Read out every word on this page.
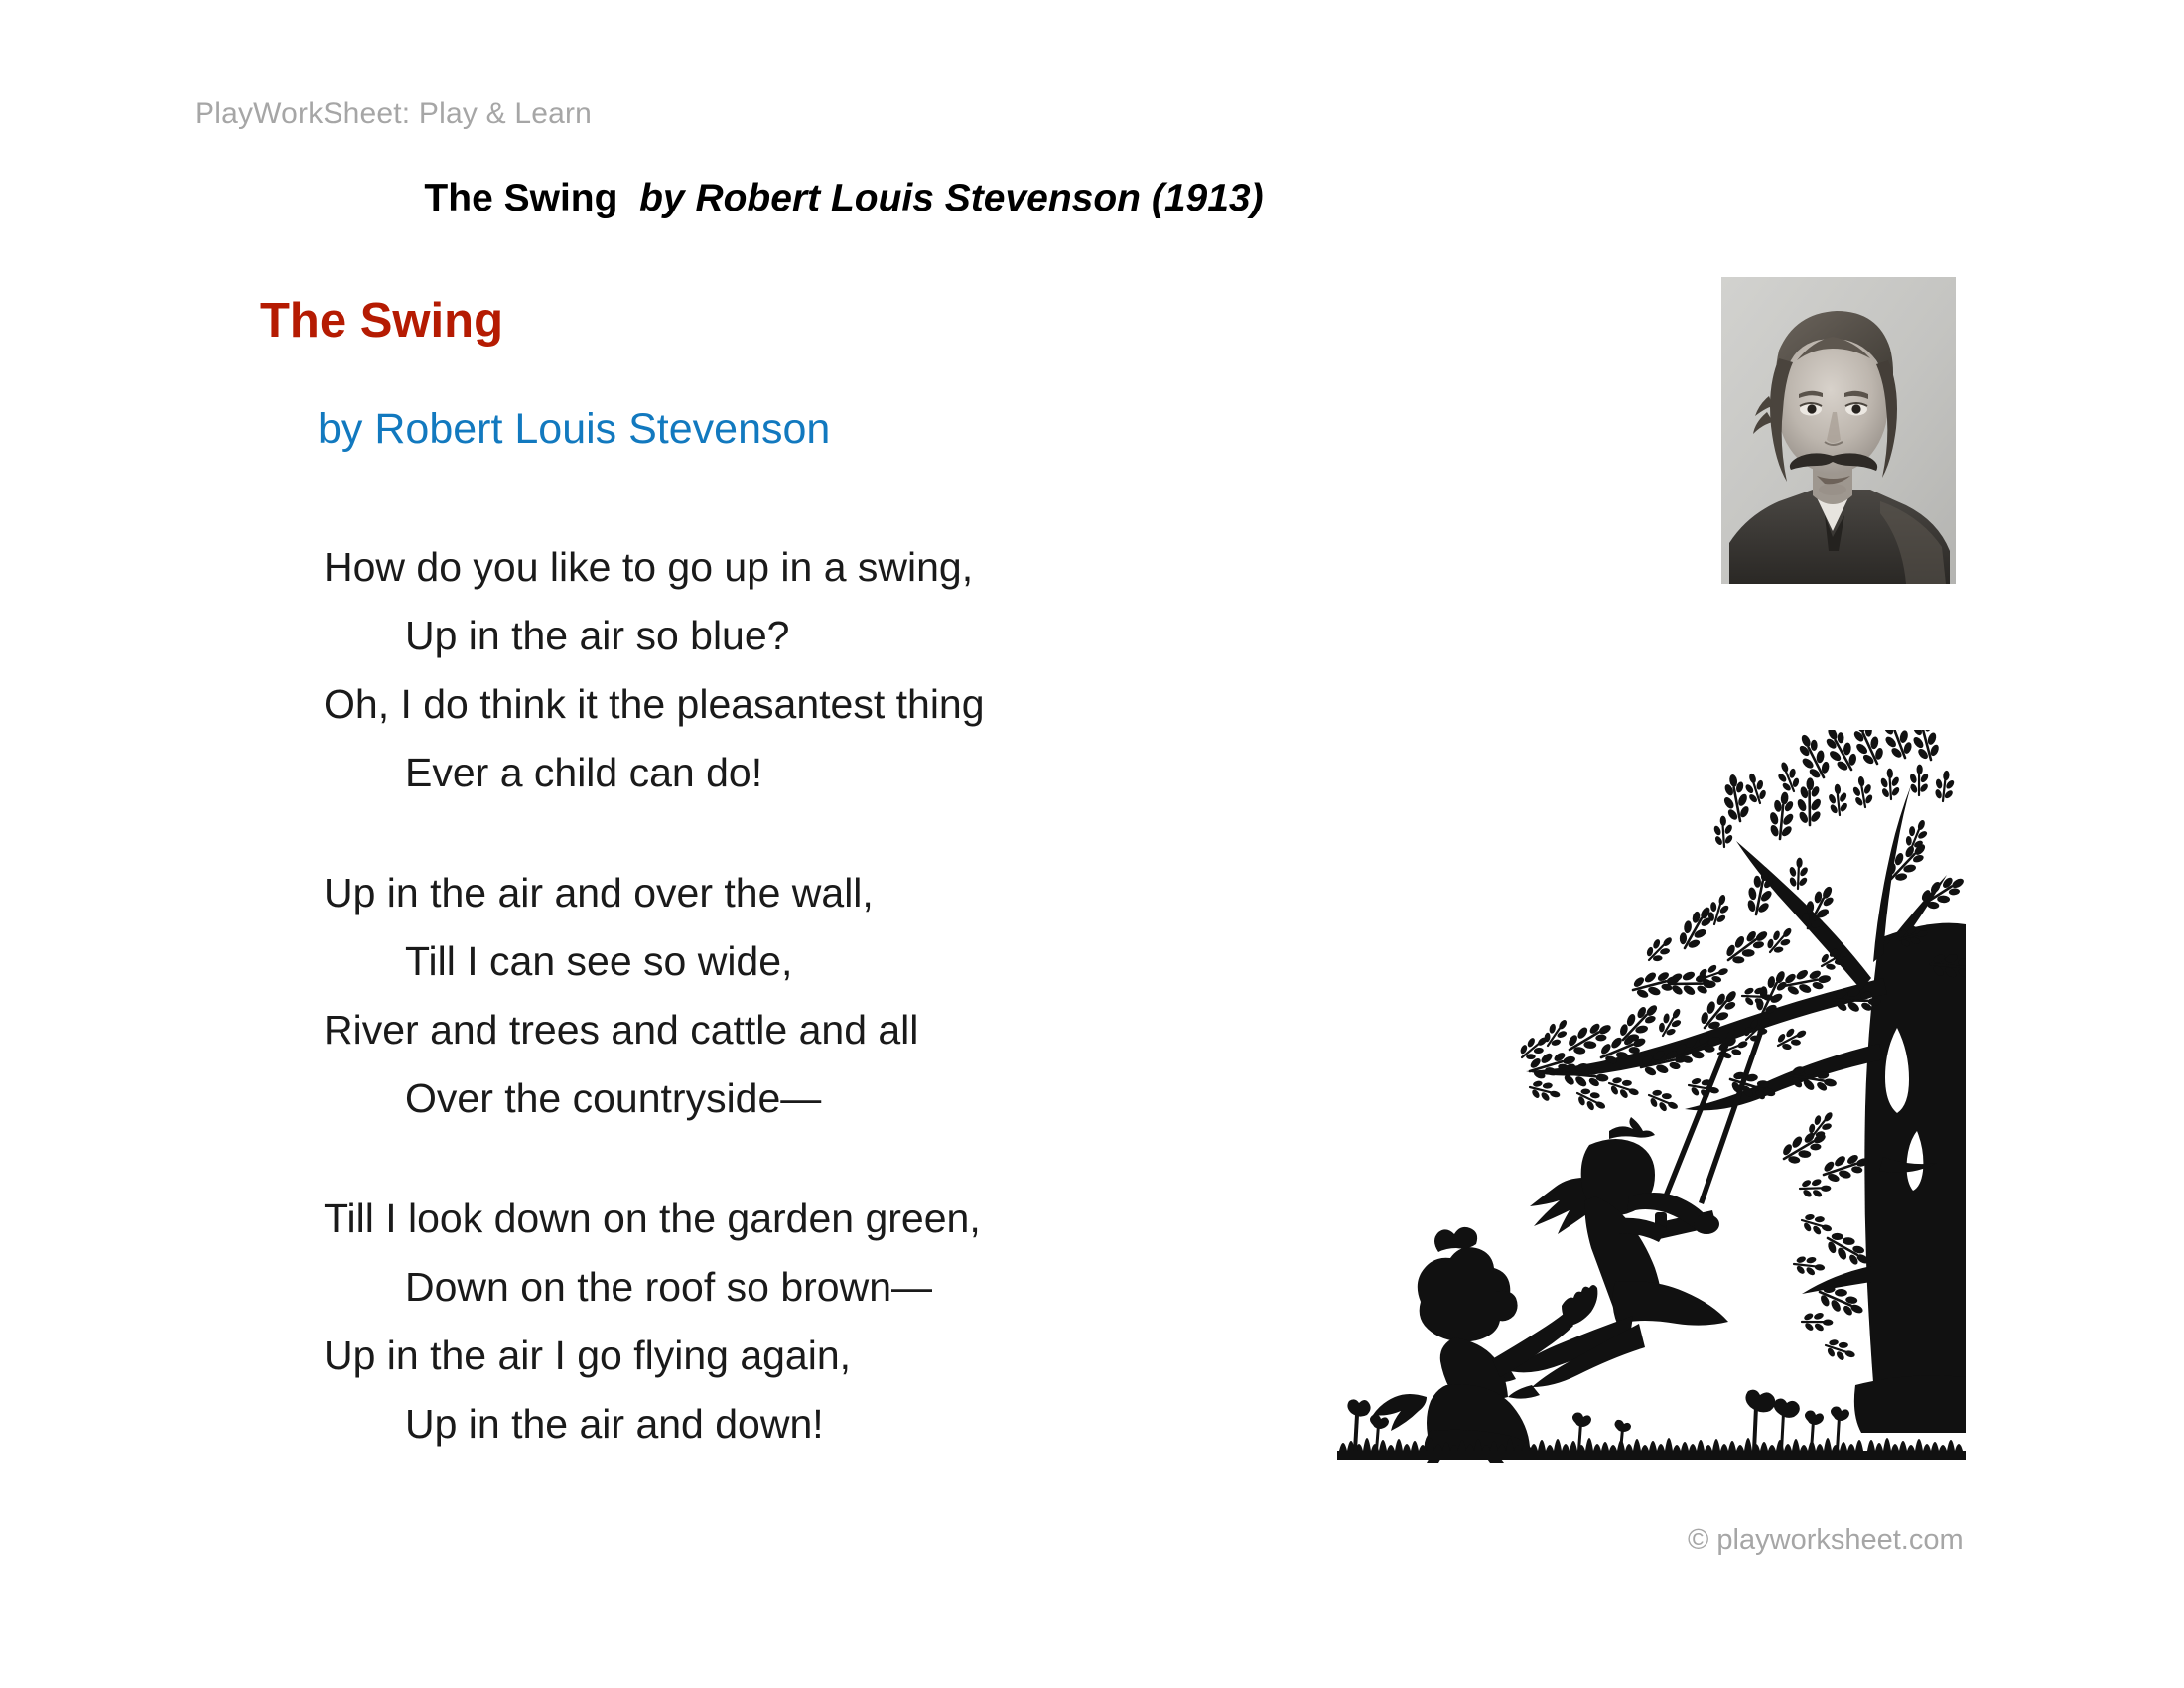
PlayWorkSheet: Play & Learn
The Swing by Robert Louis Stevenson (1913)
The Swing
by Robert Louis Stevenson
How do you like to go up in a swing,
Up in the air so blue?
Oh, I do think it the pleasantest thing
Ever a child can do!
Up in the air and over the wall,
Till I can see so wide,
River and trees and cattle and all
Over the countryside—
Till I look down on the garden green,
Down on the roof so brown—
Up in the air I go flying again,
Up in the air and down!
© playworksheet.com
